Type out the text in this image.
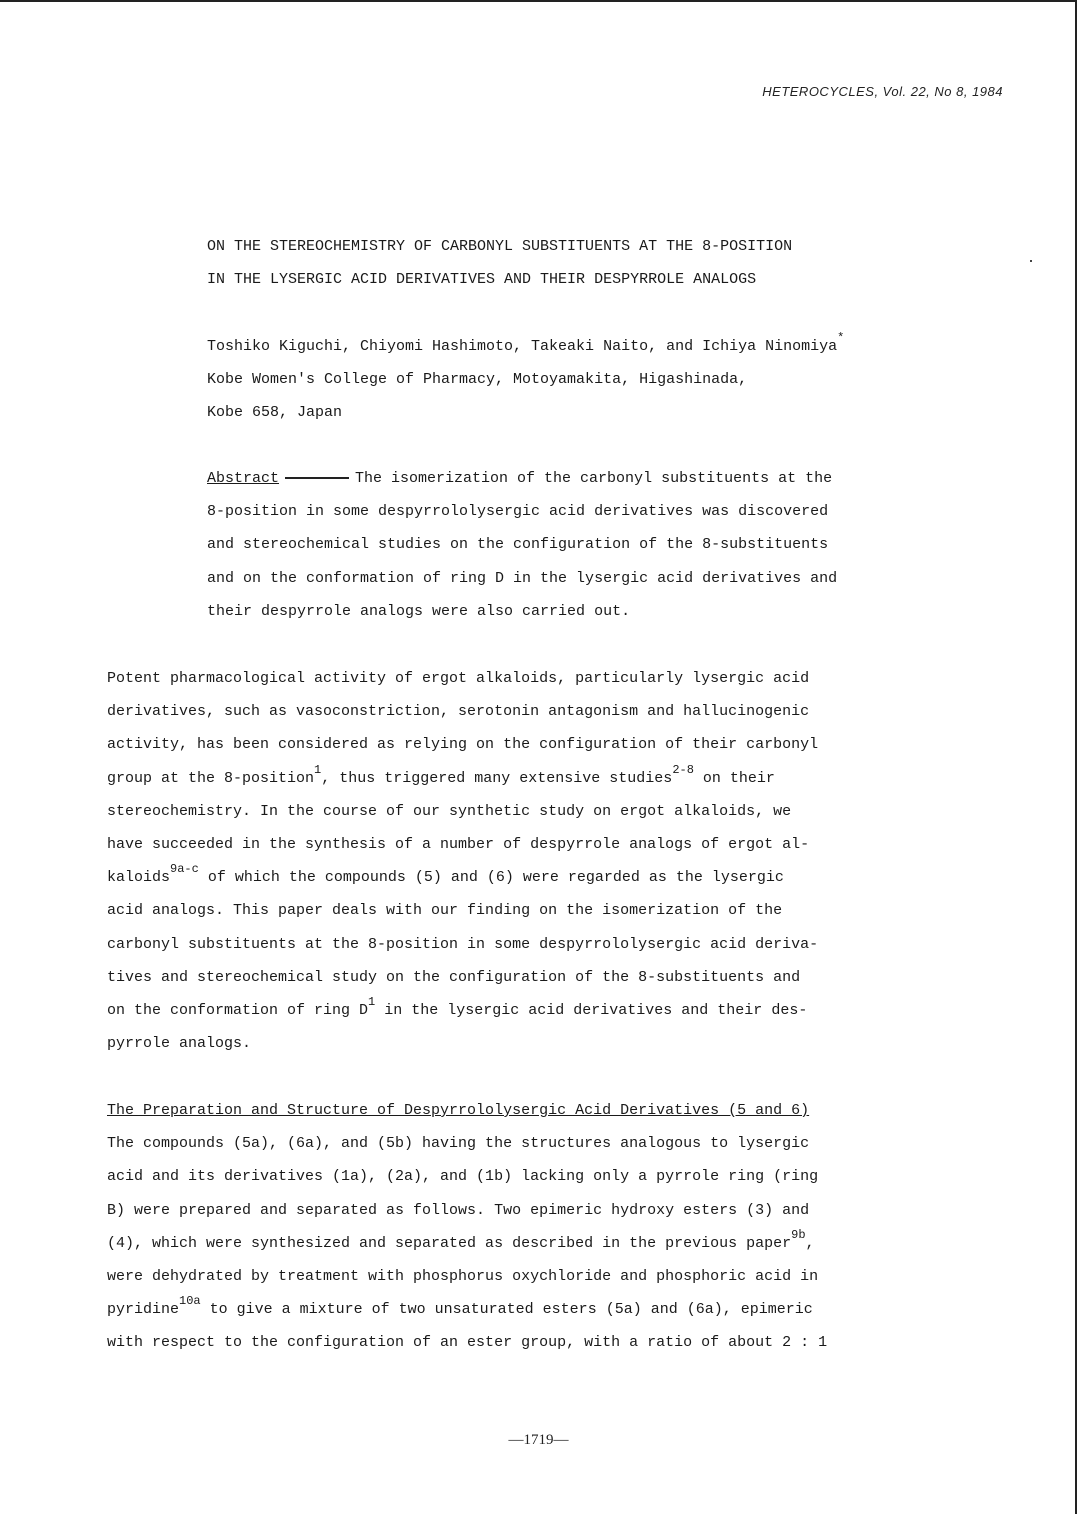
HETEROCYCLES, Vol. 22, No 8, 1984
ON THE STEREOCHEMISTRY OF CARBONYL SUBSTITUENTS AT THE 8-POSITION
IN THE LYSERGIC ACID DERIVATIVES AND THEIR DESPYRROLE ANALOGS
Toshiko Kiguchi, Chiyomi Hashimoto, Takeaki Naito, and Ichiya Ninomiya*
Kobe Women's College of Pharmacy, Motoyamakita, Higashinada,
Kobe 658, Japan
Abstract	The isomerization of the carbonyl substituents at the
8-position in some despyrrololysergic acid derivatives was discovered
and stereochemical studies on the configuration of the 8-substituents
and on the conformation of ring D in the lysergic acid derivatives and
their despyrrole analogs were also carried out.
Potent pharmacological activity of ergot alkaloids, particularly lysergic acid
derivatives, such as vasoconstriction, serotonin antagonism and hallucinogenic
activity, has been considered as relying on the configuration of their carbonyl
group at the 8-position$^1$, thus triggered many extensive studies$^{2-8}$ on their
stereochemistry. In the course of our synthetic study on ergot alkaloids, we
have succeeded in the synthesis of a number of despyrrole analogs of ergot al-
kaloids$^{9a-c}$ of which the compounds (5) and (6) were regarded as the lysergic
acid analogs. This paper deals with our finding on the isomerization of the
carbonyl substituents at the 8-position in some despyrrololysergic acid deriva-
tives and stereochemical study on the configuration of the 8-substituents and
on the conformation of ring $D^1$ in the lysergic acid derivatives and their des-
pyrrole analogs.
The Preparation and Structure of Despyrrololysergic Acid Derivatives (5 and 6)
The compounds (5a), (6a), and (5b) having the structures analogous to lysergic
acid and its derivatives (1a), (2a), and (1b) lacking only a pyrrole ring (ring
B) were prepared and separated as follows. Two epimeric hydroxy esters (3) and
(4), which were synthesized and separated as described in the previous paper$^{9b}$,
were dehydrated by treatment with phosphorus oxychloride and phosphoric acid in
pyridine$^{10a}$ to give a mixture of two unsaturated esters (5a) and (6a), epimeric
with respect to the configuration of an ester group, with a ratio of about 2 : 1
—1719—
